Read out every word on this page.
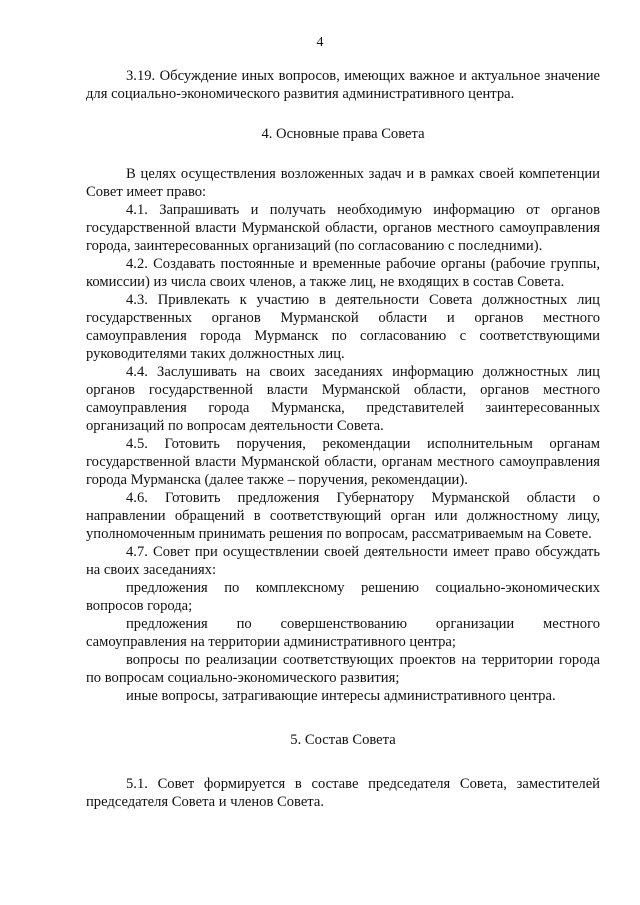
4

3.19. Обсуждение иных вопросов, имеющих важное и актуальное значение для социально-экономического развития административного центра.

4. Основные права Совета

В целях осуществления возложенных задач и в рамках своей компетенции Совет имеет право:

4.1. Запрашивать и получать необходимую информацию от органов государственной власти Мурманской области, органов местного самоуправления города, заинтересованных организаций (по согласованию с последними).

4.2. Создавать постоянные и временные рабочие органы (рабочие группы, комиссии) из числа своих членов, а также лиц, не входящих в состав Совета.

4.3. Привлекать к участию в деятельности Совета должностных лиц государственных органов Мурманской области и органов местного самоуправления города Мурманск по согласованию с соответствующими руководителями таких должностных лиц.

4.4. Заслушивать на своих заседаниях информацию должностных лиц органов государственной власти Мурманской области, органов местного самоуправления города Мурманска, представителей заинтересованных организаций по вопросам деятельности Совета.

4.5. Готовить поручения, рекомендации исполнительным органам государственной власти Мурманской области, органам местного самоуправления города Мурманска (далее также – поручения, рекомендации).

4.6. Готовить предложения Губернатору Мурманской области о направлении обращений в соответствующий орган или должностному лицу, уполномоченным принимать решения по вопросам, рассматриваемым на Совете.

4.7. Совет при осуществлении своей деятельности имеет право обсуждать на своих заседаниях:

предложения по комплексному решению социально-экономических вопросов города;

предложения по совершенствованию организации местного самоуправления на территории административного центра;

вопросы по реализации соответствующих проектов на территории города по вопросам социально-экономического развития;

иные вопросы, затрагивающие интересы административного центра.

5. Состав Совета

5.1. Совет формируется в составе председателя Совета, заместителей председателя Совета и членов Совета.
